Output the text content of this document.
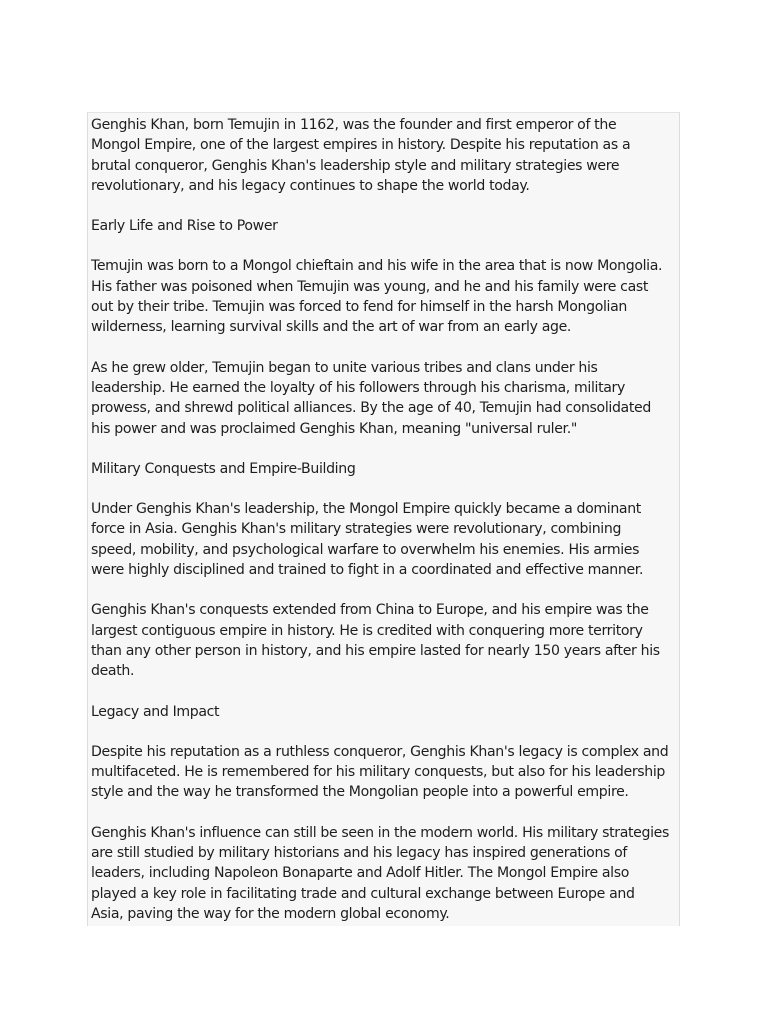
Genghis Khan, born Temujin in 1162, was the founder and first emperor of the Mongol Empire, one of the largest empires in history. Despite his reputation as a brutal conqueror, Genghis Khan's leadership style and military strategies were revolutionary, and his legacy continues to shape the world today.

Early Life and Rise to Power

Temujin was born to a Mongol chieftain and his wife in the area that is now Mongolia. His father was poisoned when Temujin was young, and he and his family were cast out by their tribe. Temujin was forced to fend for himself in the harsh Mongolian wilderness, learning survival skills and the art of war from an early age.

As he grew older, Temujin began to unite various tribes and clans under his leadership. He earned the loyalty of his followers through his charisma, military prowess, and shrewd political alliances. By the age of 40, Temujin had consolidated his power and was proclaimed Genghis Khan, meaning "universal ruler."

Military Conquests and Empire-Building

Under Genghis Khan's leadership, the Mongol Empire quickly became a dominant force in Asia. Genghis Khan's military strategies were revolutionary, combining speed, mobility, and psychological warfare to overwhelm his enemies. His armies were highly disciplined and trained to fight in a coordinated and effective manner.

Genghis Khan's conquests extended from China to Europe, and his empire was the largest contiguous empire in history. He is credited with conquering more territory than any other person in history, and his empire lasted for nearly 150 years after his death.

Legacy and Impact

Despite his reputation as a ruthless conqueror, Genghis Khan's legacy is complex and multifaceted. He is remembered for his military conquests, but also for his leadership style and the way he transformed the Mongolian people into a powerful empire.

Genghis Khan's influence can still be seen in the modern world. His military strategies are still studied by military historians and his legacy has inspired generations of leaders, including Napoleon Bonaparte and Adolf Hitler. The Mongol Empire also played a key role in facilitating trade and cultural exchange between Europe and Asia, paving the way for the modern global economy.
